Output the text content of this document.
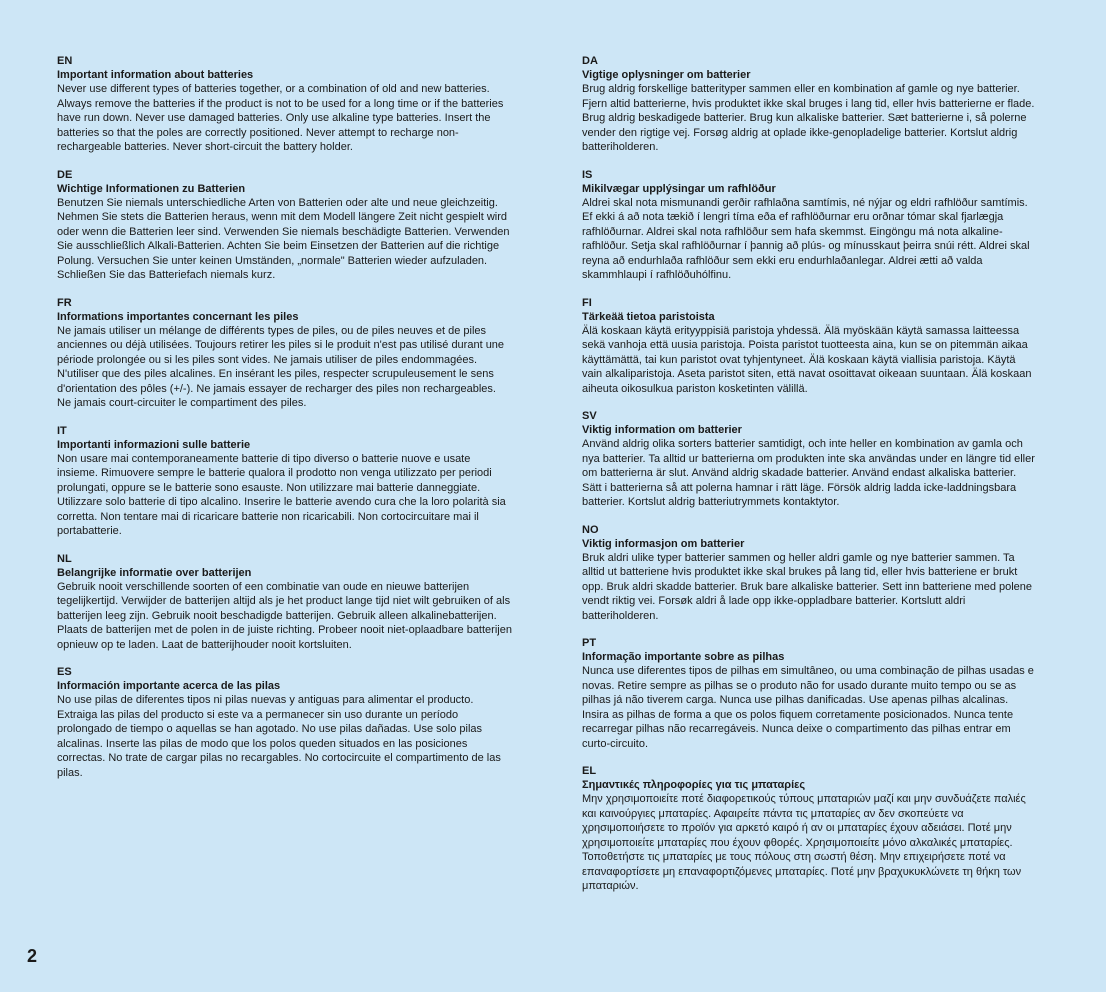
EN

Important information about batteries

Never use different types of batteries together, or a combination of old and new batteries. Always remove the batteries if the product is not to be used for a long time or if the batteries have run down. Never use damaged batteries. Only use alkaline type batteries. Insert the batteries so that the poles are correctly positioned. Never attempt to recharge non-rechargeable batteries. Never short-circuit the battery holder.

DE

Wichtige Informationen zu Batterien

Benutzen Sie niemals unterschiedliche Arten von Batterien oder alte und neue gleichzeitig. Nehmen Sie stets die Batterien heraus, wenn mit dem Modell längere Zeit nicht gespielt wird oder wenn die Batterien leer sind. Verwenden Sie niemals beschädigte Batterien. Verwenden Sie ausschließlich Alkali-Batterien. Achten Sie beim Einsetzen der Batterien auf die richtige Polung. Versuchen Sie unter keinen Umständen, „normale" Batterien wieder aufzuladen. Schließen Sie das Batteriefach niemals kurz.

FR

Informations importantes concernant les piles

Ne jamais utiliser un mélange de différents types de piles, ou de piles neuves et de piles anciennes ou déjà utilisées. Toujours retirer les piles si le produit n'est pas utilisé durant une période prolongée ou si les piles sont vides. Ne jamais utiliser de piles endommagées. N'utiliser que des piles alcalines. En insérant les piles, respecter scrupuleusement le sens d'orientation des pôles (+/-). Ne jamais essayer de recharger des piles non rechargeables. Ne jamais court-circuiter le compartiment des piles.

IT

Importanti informazioni sulle batterie

Non usare mai contemporaneamente batterie di tipo diverso o batterie nuove e usate insieme. Rimuovere sempre le batterie qualora il prodotto non venga utilizzato per periodi prolungati, oppure se le batterie sono esauste. Non utilizzare mai batterie danneggiate. Utilizzare solo batterie di tipo alcalino. Inserire le batterie avendo cura che la loro polarità sia corretta. Non tentare mai di ricaricare batterie non ricaricabili. Non cortocircuitare mai il portabatterie.

NL

Belangrijke informatie over batterijen

Gebruik nooit verschillende soorten of een combinatie van oude en nieuwe batterijen tegelijkertijd. Verwijder de batterijen altijd als je het product lange tijd niet wilt gebruiken of als batterijen leeg zijn. Gebruik nooit beschadigde batterijen. Gebruik alleen alkalinebatterijen. Plaats de batterijen met de polen in de juiste richting. Probeer nooit niet-oplaadbare batterijen opnieuw op te laden. Laat de batterijhouder nooit kortsluiten.

ES

Información importante acerca de las pilas

No use pilas de diferentes tipos ni pilas nuevas y antiguas para alimentar el producto. Extraiga las pilas del producto si este va a permanecer sin uso durante un período prolongado de tiempo o aquellas se han agotado. No use pilas dañadas. Use solo pilas alcalinas. Inserte las pilas de modo que los polos queden situados en las posiciones correctas. No trate de cargar pilas no recargables. No cortocircuite el compartimento de las pilas.

DA

Vigtige oplysninger om batterier

Brug aldrig forskellige batterityper sammen eller en kombination af gamle og nye batterier. Fjern altid batterierne, hvis produktet ikke skal bruges i lang tid, eller hvis batterierne er flade. Brug aldrig beskadigede batterier. Brug kun alkaliske batterier. Sæt batterierne i, så polerne vender den rigtige vej. Forsøg aldrig at oplade ikke-genopladelige batterier. Kortslut aldrig batteriholderen.

IS

Mikilvægar upplýsingar um rafhlöður

Aldrei skal nota mismunandi gerðir rafhlaðna samtímis, né nýjar og eldri rafhlöður samtímis. Ef ekki á að nota tækið í lengri tíma eða ef rafhlöðurnar eru orðnar tómar skal fjarlægja rafhlöðurnar. Aldrei skal nota rafhlöður sem hafa skemmst. Eingöngu má nota alkaline-rafhlöður. Setja skal rafhlöðurnar í þannig að plús- og mínusskaut þeirra snúi rétt. Aldrei skal reyna að endurhlaða rafhlöður sem ekki eru endurhlaðanlegar. Aldrei ætti að valda skammhlaupi í rafhlöðuhólfinu.

FI

Tärkeää tietoa paristoista

Älä koskaan käytä erityyppisiä paristoja yhdessä. Älä myöskään käytä samassa laitteessa sekä vanhoja että uusia paristoja. Poista paristot tuotteesta aina, kun se on pitemmän aikaa käyttämättä, tai kun paristot ovat tyhjentyneet. Älä koskaan käytä viallisia paristoja. Käytä vain alkaliparistoja. Aseta paristot siten, että navat osoittavat oikeaan suuntaan. Älä koskaan aiheuta oikosulkua pariston kosketinten välillä.

SV

Viktig information om batterier

Använd aldrig olika sorters batterier samtidigt, och inte heller en kombination av gamla och nya batterier. Ta alltid ur batterierna om produkten inte ska användas under en längre tid eller om batterierna är slut. Använd aldrig skadade batterier. Använd endast alkaliska batterier. Sätt i batterierna så att polerna hamnar i rätt läge. Försök aldrig ladda icke-laddningsbara batterier. Kortslut aldrig batteriutrymmets kontaktytor.

NO

Viktig informasjon om batterier

Bruk aldri ulike typer batterier sammen og heller aldri gamle og nye batterier sammen. Ta alltid ut batteriene hvis produktet ikke skal brukes på lang tid, eller hvis batteriene er brukt opp. Bruk aldri skadde batterier. Bruk bare alkaliske batterier. Sett inn batteriene med polene vendt riktig vei. Forsøk aldri å lade opp ikke-oppladbare batterier. Kortslutt aldri batteriholderen.

PT

Informação importante sobre as pilhas

Nunca use diferentes tipos de pilhas em simultâneo, ou uma combinação de pilhas usadas e novas. Retire sempre as pilhas se o produto não for usado durante muito tempo ou se as pilhas já não tiverem carga. Nunca use pilhas danificadas. Use apenas pilhas alcalinas. Insira as pilhas de forma a que os polos fiquem corretamente posicionados. Nunca tente recarregar pilhas não recarregáveis. Nunca deixe o compartimento das pilhas entrar em curto-circuito.

EL

Σημαντικές πληροφορίες για τις μπαταρίες

Μην χρησιμοποιείτε ποτέ διαφορετικούς τύπους μπαταριών μαζί και μην συνδυάζετε παλιές και καινούργιες μπαταρίες. Αφαιρείτε πάντα τις μπαταρίες αν δεν σκοπεύετε να χρησιμοποιήσετε το προϊόν για αρκετό καιρό ή αν οι μπαταρίες έχουν αδειάσει. Ποτέ μην χρησιμοποιείτε μπαταρίες που έχουν φθορές. Χρησιμοποιείτε μόνο αλκαλικές μπαταρίες. Τοποθετήστε τις μπαταρίες με τους πόλους στη σωστή θέση. Μην επιχειρήσετε ποτέ να επαναφορτίσετε μη επαναφορτιζόμενες μπαταρίες. Ποτέ μην βραχυκυκλώνετε τη θήκη των μπαταριών.

2
